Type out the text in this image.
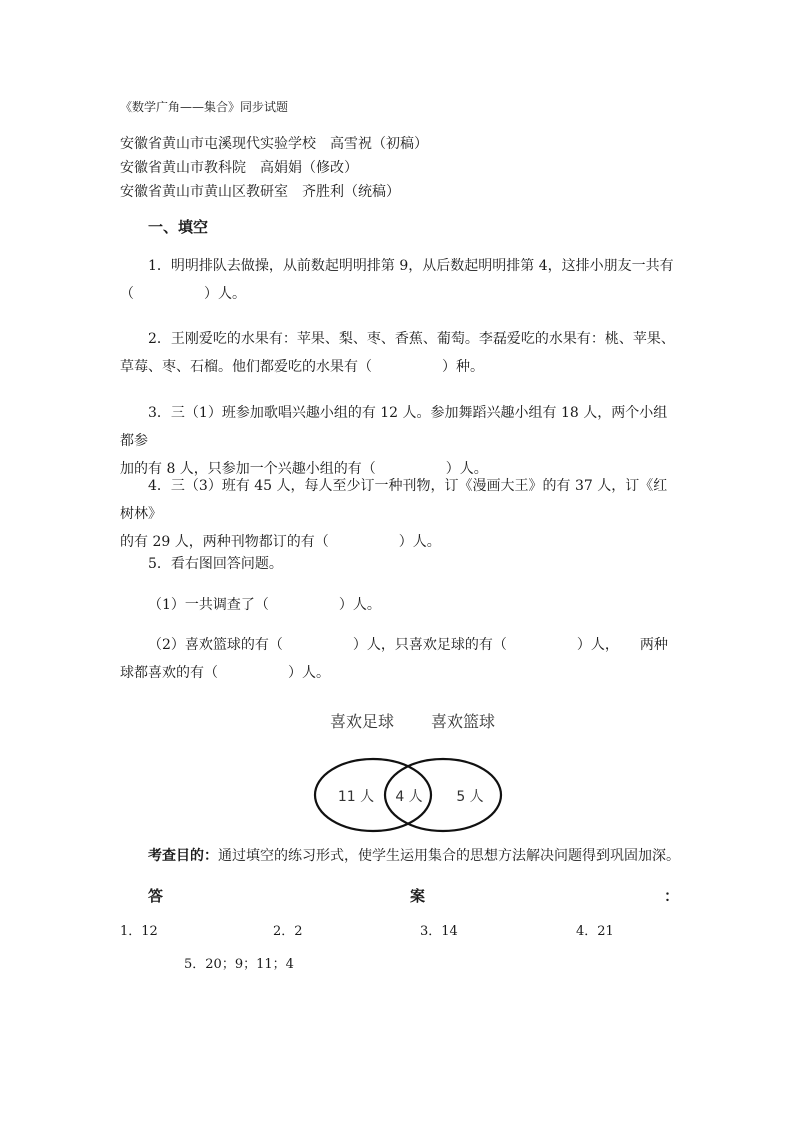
《数学广角——集合》同步试题
安徽省黄山市屯溪现代实验学校　高雪祝（初稿）
安徽省黄山市教科院　高娟娟（修改）
安徽省黄山市黄山区教研室　齐胜利（统稿）
一、填空
1．明明排队去做操，从前数起明明排第 9，从后数起明明排第 4，这排小朋友一共有
（　　　　　）人。
2．王刚爱吃的水果有：苹果、梨、枣、香蕉、葡萄。李磊爱吃的水果有：桃、苹果、
草莓、枣、石榴。他们都爱吃的水果有（　　　　　）种。
3．三（1）班参加歌唱兴趣小组的有 12 人。参加舞蹈兴趣小组有 18 人，两个小组都参
加的有 8 人，只参加一个兴趣小组的有（　　　　　）人。
4．三（3）班有 45 人，每人至少订一种刊物，订《漫画大王》的有 37 人，订《红树林》
的有 29 人，两种刊物都订的有（　　　　　）人。
5．看右图回答问题。
（1）一共调查了（　　　　　）人。
（2）喜欢篮球的有（　　　　　）人，只喜欢足球的有（　　　　　）人，　　两种
球都喜欢的有（　　　　　）人。
喜欢足球 喜欢篮球
11 人 4 人 5 人
考查目的：通过填空的练习形式，使学生运用集合的思想方法解决问题得到巩固加深。
答	案	：
1．12	2．2	3．14	4．21
5．20；9；11；4
